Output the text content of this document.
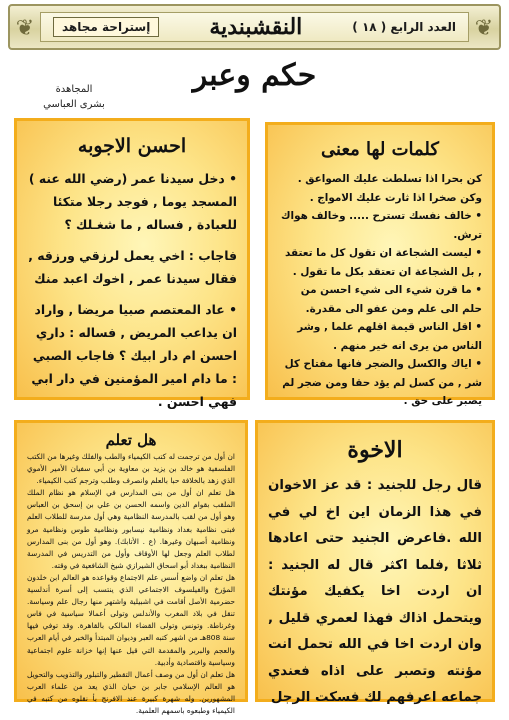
❦
العدد الرابع ( ١٨ )
النقشبندية
إستراحة مجاهد
❦
حكم وعبر
المجاهدة
بشرى العباسي
كلمات لها معنى
كن بحرا اذا تسلطت عليك الصواعق . وكن صخرا اذا ثارت عليك الامواج .
• خالف نفسك تسترح ..... وخالف هواك ترش.
• ليست الشجاعة ان تقول كل ما تعتقد , بل الشجاعة ان تعتقد بكل ما تقول .
• ما قرن شيء الى شيء احسن من حلم الى علم ومن عفو الى مقدرة.
• اقل الناس قيمة اقلهم علما , وشر الناس من يرى انه خير منهم .
• اياك والكسل والضجر فانها مفتاح كل شر , من كسل لم يؤد حقا ومن ضجر لم يصبر على حق .
احسن الاجوبه
• دخل سيدنا عمر (رضي الله عنه ) المسجد يوما , فوجد رجلا متكئا للعبادة , فساله , ما شغـلك ؟
فاجاب : اخي يعمل لرزقي ورزقه , فقال سيدنا عمر , اخوك اعبد منك
• عاد المعتصم صبيا مريضا , واراد ان يداعب المريض , فساله : داري احسن ام دار ابيك ؟ فاجاب الصبي : ما دام امير المؤمنين في دار ابي فهي احسن .
الاخوة

قال رجل للجنيد : قد عز الاخوان في هذا الزمان اين اخ لي في الله .فاعرض الجنيد حتى اعادها ثلاثا ,فلما اكثر قال له الجنيد : ان اردت اخا يكفيك مؤنتك ويتحمل اذاك فهذا لعمري قليل , وان اردت اخا في الله تحمل انت مؤنته وتصبر على اذاه فعندي جماعه اعرفهم لك فسكت الرجل

هل تعلم

ان أول من ترجمت له كتب الكيمياء والطب والفلك وغيرها من الكتب الفلسفية هو خالد بن يزيد بن معاوية بن أبي سفيان الأمير الأموي الذي زهد بالخلافة حبا بالعلم وانصرف وطلب وترجم كتب الكيمياء.

هل تعلم ان أول من بنى المدارس في الإسلام هو نظام الملك الملقب بقوام الدين واسمه الحسن بن علي بن إسحق بن العباس وهو أول من لقب بالمدرسة النظامية وهي أول مدرسة للطلاب العلم فبنى نظامية بغداد ونظامية نيسابور ونظامية طوس ونظامية مرو ونظامية أصبهان وغيرها. (ع . الأتابك). وهو أول من بنى المدارس لطلاب العلم وجعل لها الأوقاف وأول من التدريس في المدرسة النظامية ببغداد أبو اسحاق الشيرازي شيخ الشافعية في وقته.

هل تعلم ان واضع أسس علم الاجتماع وقواعده هو العالم ابن خلدون المؤرخ والفيلسوف الاجتماعي الذي ينتسب إلى أسرة أندلسية حضرمية الأصل أقامت في اشبيلية واشتهر منها رجال علم وسياسة. تنقل في بلاد المغرب والأندلس وتولى أعمالا سياسية في فاس وغرناطة. وتونس وتولى القضاء المالكي بالقاهرة. وقد توفي فيها سنة 808هـ من اشهر كتبه العبر وديوان المبتدأ والخبر في أيام العرب والعجم والبربر والمقدمة التي قيل عنها إنها خزانة علوم اجتماعية وسياسية واقتصادية وأدبية.

هل تعلم ان أول من وصف أعمال التقطير والتبلور والتذويب والتحويل هو العالم الإسلامي جابر بن حيان الذي يعد من علماء العرب المشهورين. وله شهرة كبيرة عند الافرنج بأ نقلوه من كتبه في الكيمياء وطبعوه باسمهم العلمية.
